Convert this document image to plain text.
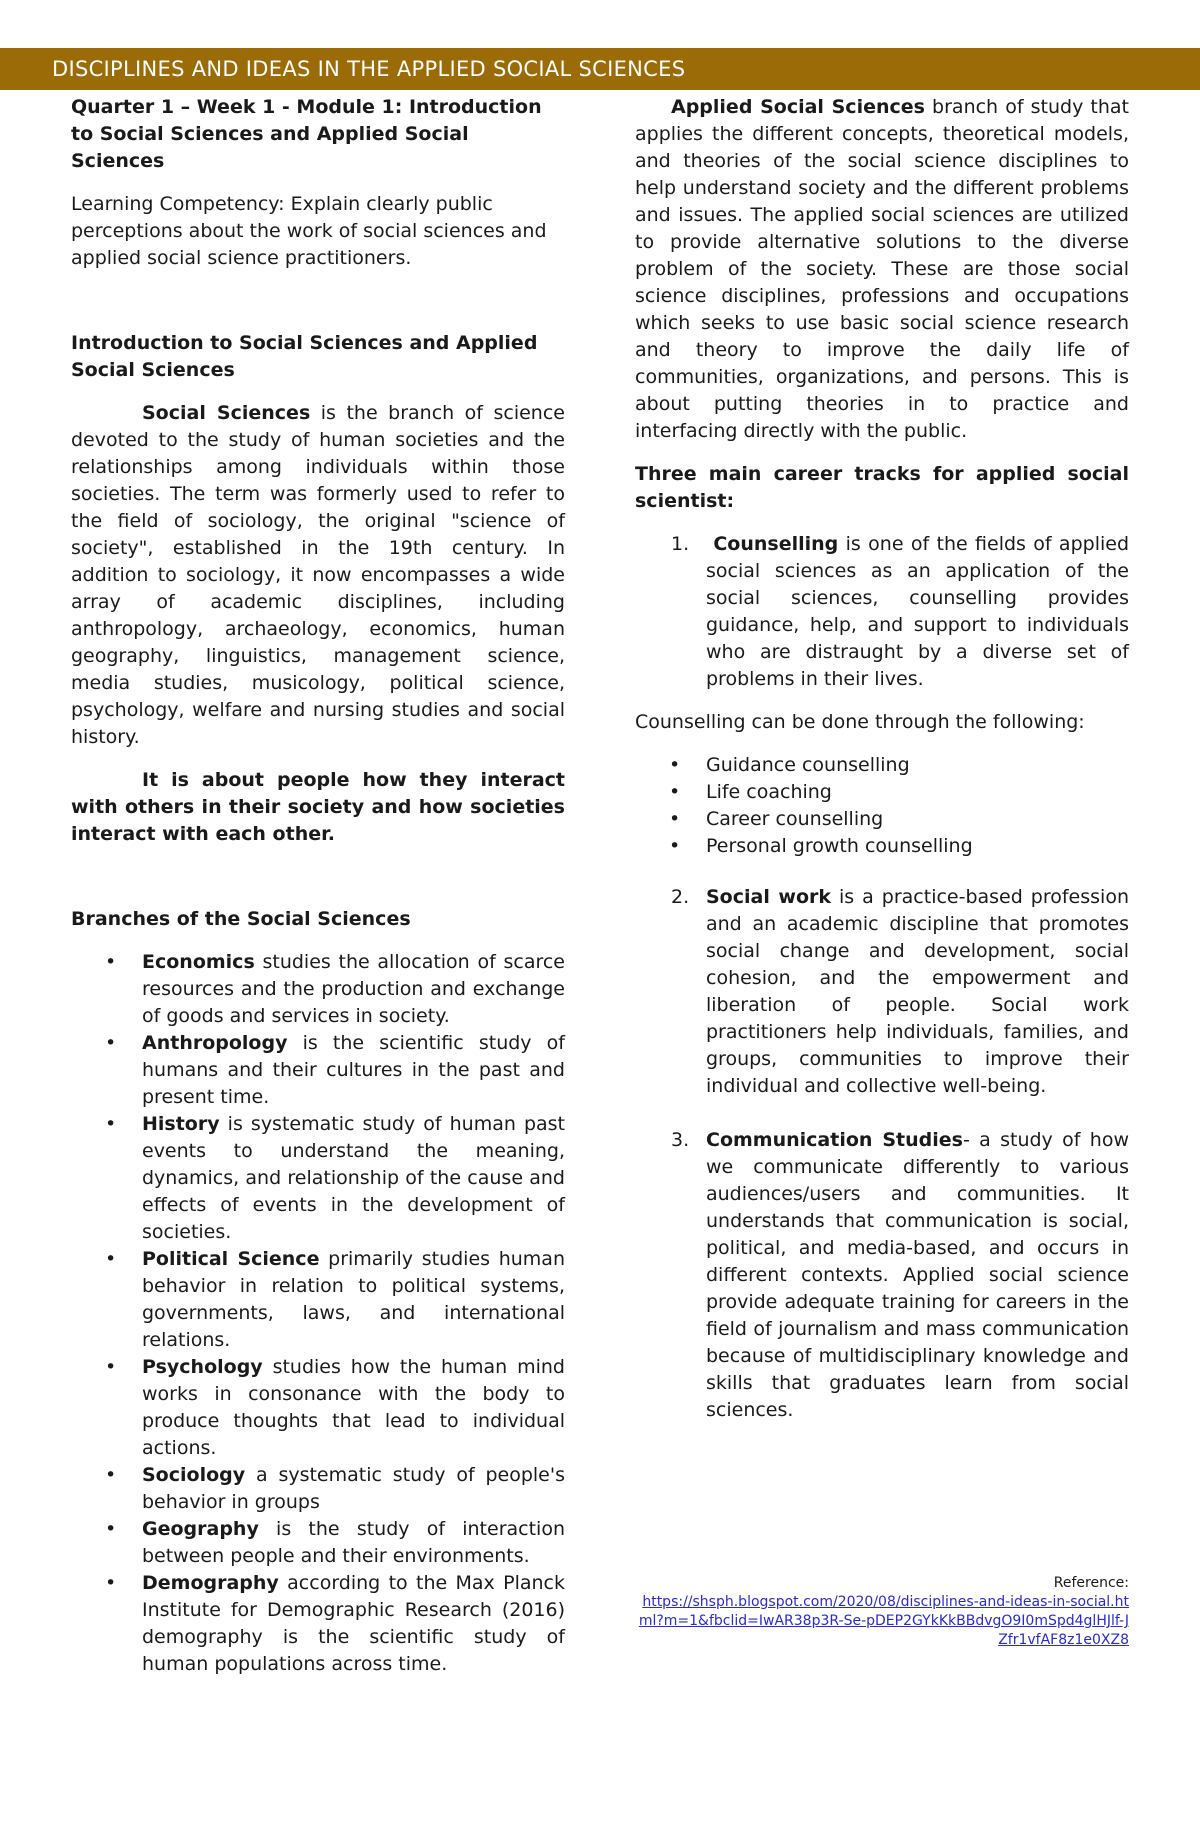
DISCIPLINES AND IDEAS IN THE APPLIED SOCIAL SCIENCES

Quarter 1 – Week 1 - Module 1: Introduction to Social Sciences and Applied Social Sciences

Learning Competency: Explain clearly public perceptions about the work of social sciences and applied social science practitioners.

Introduction to Social Sciences and Applied Social Sciences

Social Sciences is the branch of science devoted to the study of human societies and the relationships among individuals within those societies. The term was formerly used to refer to the field of sociology, the original "science of society", established in the 19th century. In addition to sociology, it now encompasses a wide array of academic disciplines, including anthropology, archaeology, economics, human geography, linguistics, management science, media studies, musicology, political science, psychology, welfare and nursing studies and social history.

It is about people how they interact with others in their society and how societies interact with each other.

Branches of the Social Sciences

• Economics studies the allocation of scarce resources and the production and exchange of goods and services in society.
• Anthropology is the scientific study of humans and their cultures in the past and present time.
• History is systematic study of human past events to understand the meaning, dynamics, and relationship of the cause and effects of events in the development of societies.
• Political Science primarily studies human behavior in relation to political systems, governments, laws, and international relations.
• Psychology studies how the human mind works in consonance with the body to produce thoughts that lead to individual actions.
• Sociology a systematic study of people's behavior in groups
• Geography is the study of interaction between people and their environments.
• Demography according to the Max Planck Institute for Demographic Research (2016) demography is the scientific study of human populations across time.

Applied Social Sciences branch of study that applies the different concepts, theoretical models, and theories of the social science disciplines to help understand society and the different problems and issues. The applied social sciences are utilized to provide alternative solutions to the diverse problem of the society. These are those social science disciplines, professions and occupations which seeks to use basic social science research and theory to improve the daily life of communities, organizations, and persons. This is about putting theories in to practice and interfacing directly with the public.

Three main career tracks for applied social scientist:

1. Counselling is one of the fields of applied social sciences as an application of the social sciences, counselling provides guidance, help, and support to individuals who are distraught by a diverse set of problems in their lives.

Counselling can be done through the following:

• Guidance counselling
• Life coaching
• Career counselling
• Personal growth counselling
2. Social work is a practice-based profession and an academic discipline that promotes social change and development, social cohesion, and the empowerment and liberation of people. Social work practitioners help individuals, families, and groups, communities to improve their individual and collective well-being.
3. Communication Studies- a study of how we communicate differently to various audiences/users and communities. It understands that communication is social, political, and media-based, and occurs in different contexts. Applied social science provide adequate training for careers in the field of journalism and mass communication because of multidisciplinary knowledge and skills that graduates learn from social sciences.
Reference:
https://shsph.blogspot.com/2020/08/disciplines-and-ideas-in-social.html?m=1&fbclid=IwAR38p3R-Se-pDEP2GYkKkBBdvgO9I0mSpd4glHJlf-JZfr1vfAF8z1e0XZ8
